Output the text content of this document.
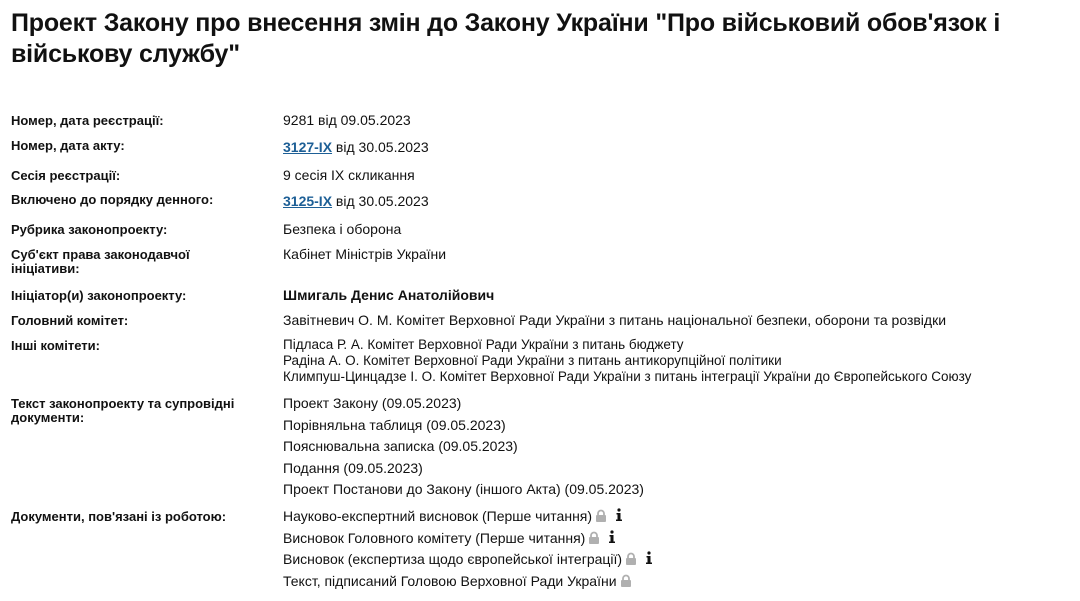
Проект Закону про внесення змін до Закону України "Про військовий обов'язок і військову службу"
Номер, дата реєстрації:	9281 від 09.05.2023
Номер, дата акту:	3127-IX від 30.05.2023
Сесія реєстрації:	9 сесія IX скликання
Включено до порядку денного:	3125-IX від 30.05.2023
Рубрика законопроекту:	Безпека і оборона
Суб'єкт права законодавчої ініціативи:
Кабінет Міністрів України
Ініціатор(и) законопроекту:	Шмигаль Денис Анатолійович
Головний комітет:	Завітневич О. М. Комітет Верховної Ради України з питань національної безпеки, оборони та розвідки
Інші комітети:	Підласа Р. А. Комітет Верховної Ради України з питань бюджету
Радіна А. О. Комітет Верховної Ради України з питань антикорупційної політики
Климпуш-Цинцадзе І. О. Комітет Верховної Ради України з питань інтеграції України до Європейського Союзу
Текст законопроекту та супровідні документи:
Проект Закону (09.05.2023)
Порівняльна таблиця (09.05.2023)
Пояснювальна записка (09.05.2023)
Подання (09.05.2023)
Проект Постанови до Закону (іншого Акта) (09.05.2023)
Документи, пов'язані із роботою:	Науково-експертний висновок (Перше читання)
Висновок Головного комітету (Перше читання)
Висновок (експертиза щодо європейської інтеграції)
Текст, підписаний Головою Верховної Ради України
